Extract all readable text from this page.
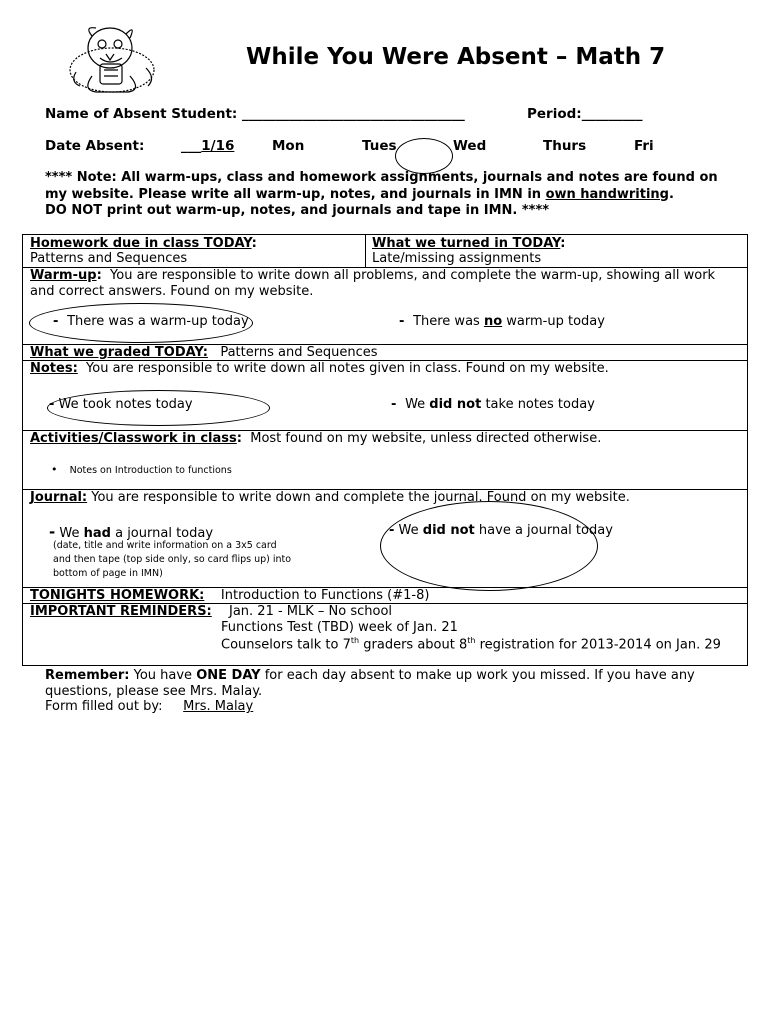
While You Were Absent – Math 7
Name of Absent Student: _________________________________	Period:_________
Date Absent:	___1/16	Mon	Tues	Wed	Thurs	Fri
**** Note: All warm-ups, class and homework assignments, journals and notes are found on my website. Please write all warm-up, notes, and journals in IMN in own handwriting.
DO NOT print out warm-up, notes, and journals and tape in IMN. ****
Homework due in class TODAY:
Patterns and Sequences
What we turned in TODAY:
Late/missing assignments
Warm-up: You are responsible to write down all problems, and complete the warm-up, showing all work
and correct answers. Found on my website.
-  There was a warm-up today	-  There was no warm-up today
What we graded TODAY: Patterns and Sequences
Notes: You are responsible to write down all notes given in class. Found on my website.
- We took notes today	-  We did not take notes today
Activities/Classwork in class: Most found on my website, unless directed otherwise.
• Notes on Introduction to functions
Journal: You are responsible to write down and complete the journal. Found on my website.
- We had a journal today
(date, title and write information on a 3x5 card
and then tape (top side only, so card flips up) into
bottom of page in IMN)
- We did not have a journal today
TONIGHTS HOMEWORK: Introduction to Functions (#1-8)
IMPORTANT REMINDERS: Jan. 21 - MLK – No school
Functions Test (TBD) week of Jan. 21
Counselors talk to 7th graders about 8th registration for 2013-2014 on Jan. 29
Remember: You have ONE DAY for each day absent to make up work you missed. If you have any questions, please see Mrs. Malay.
Form filled out by: Mrs. Malay
